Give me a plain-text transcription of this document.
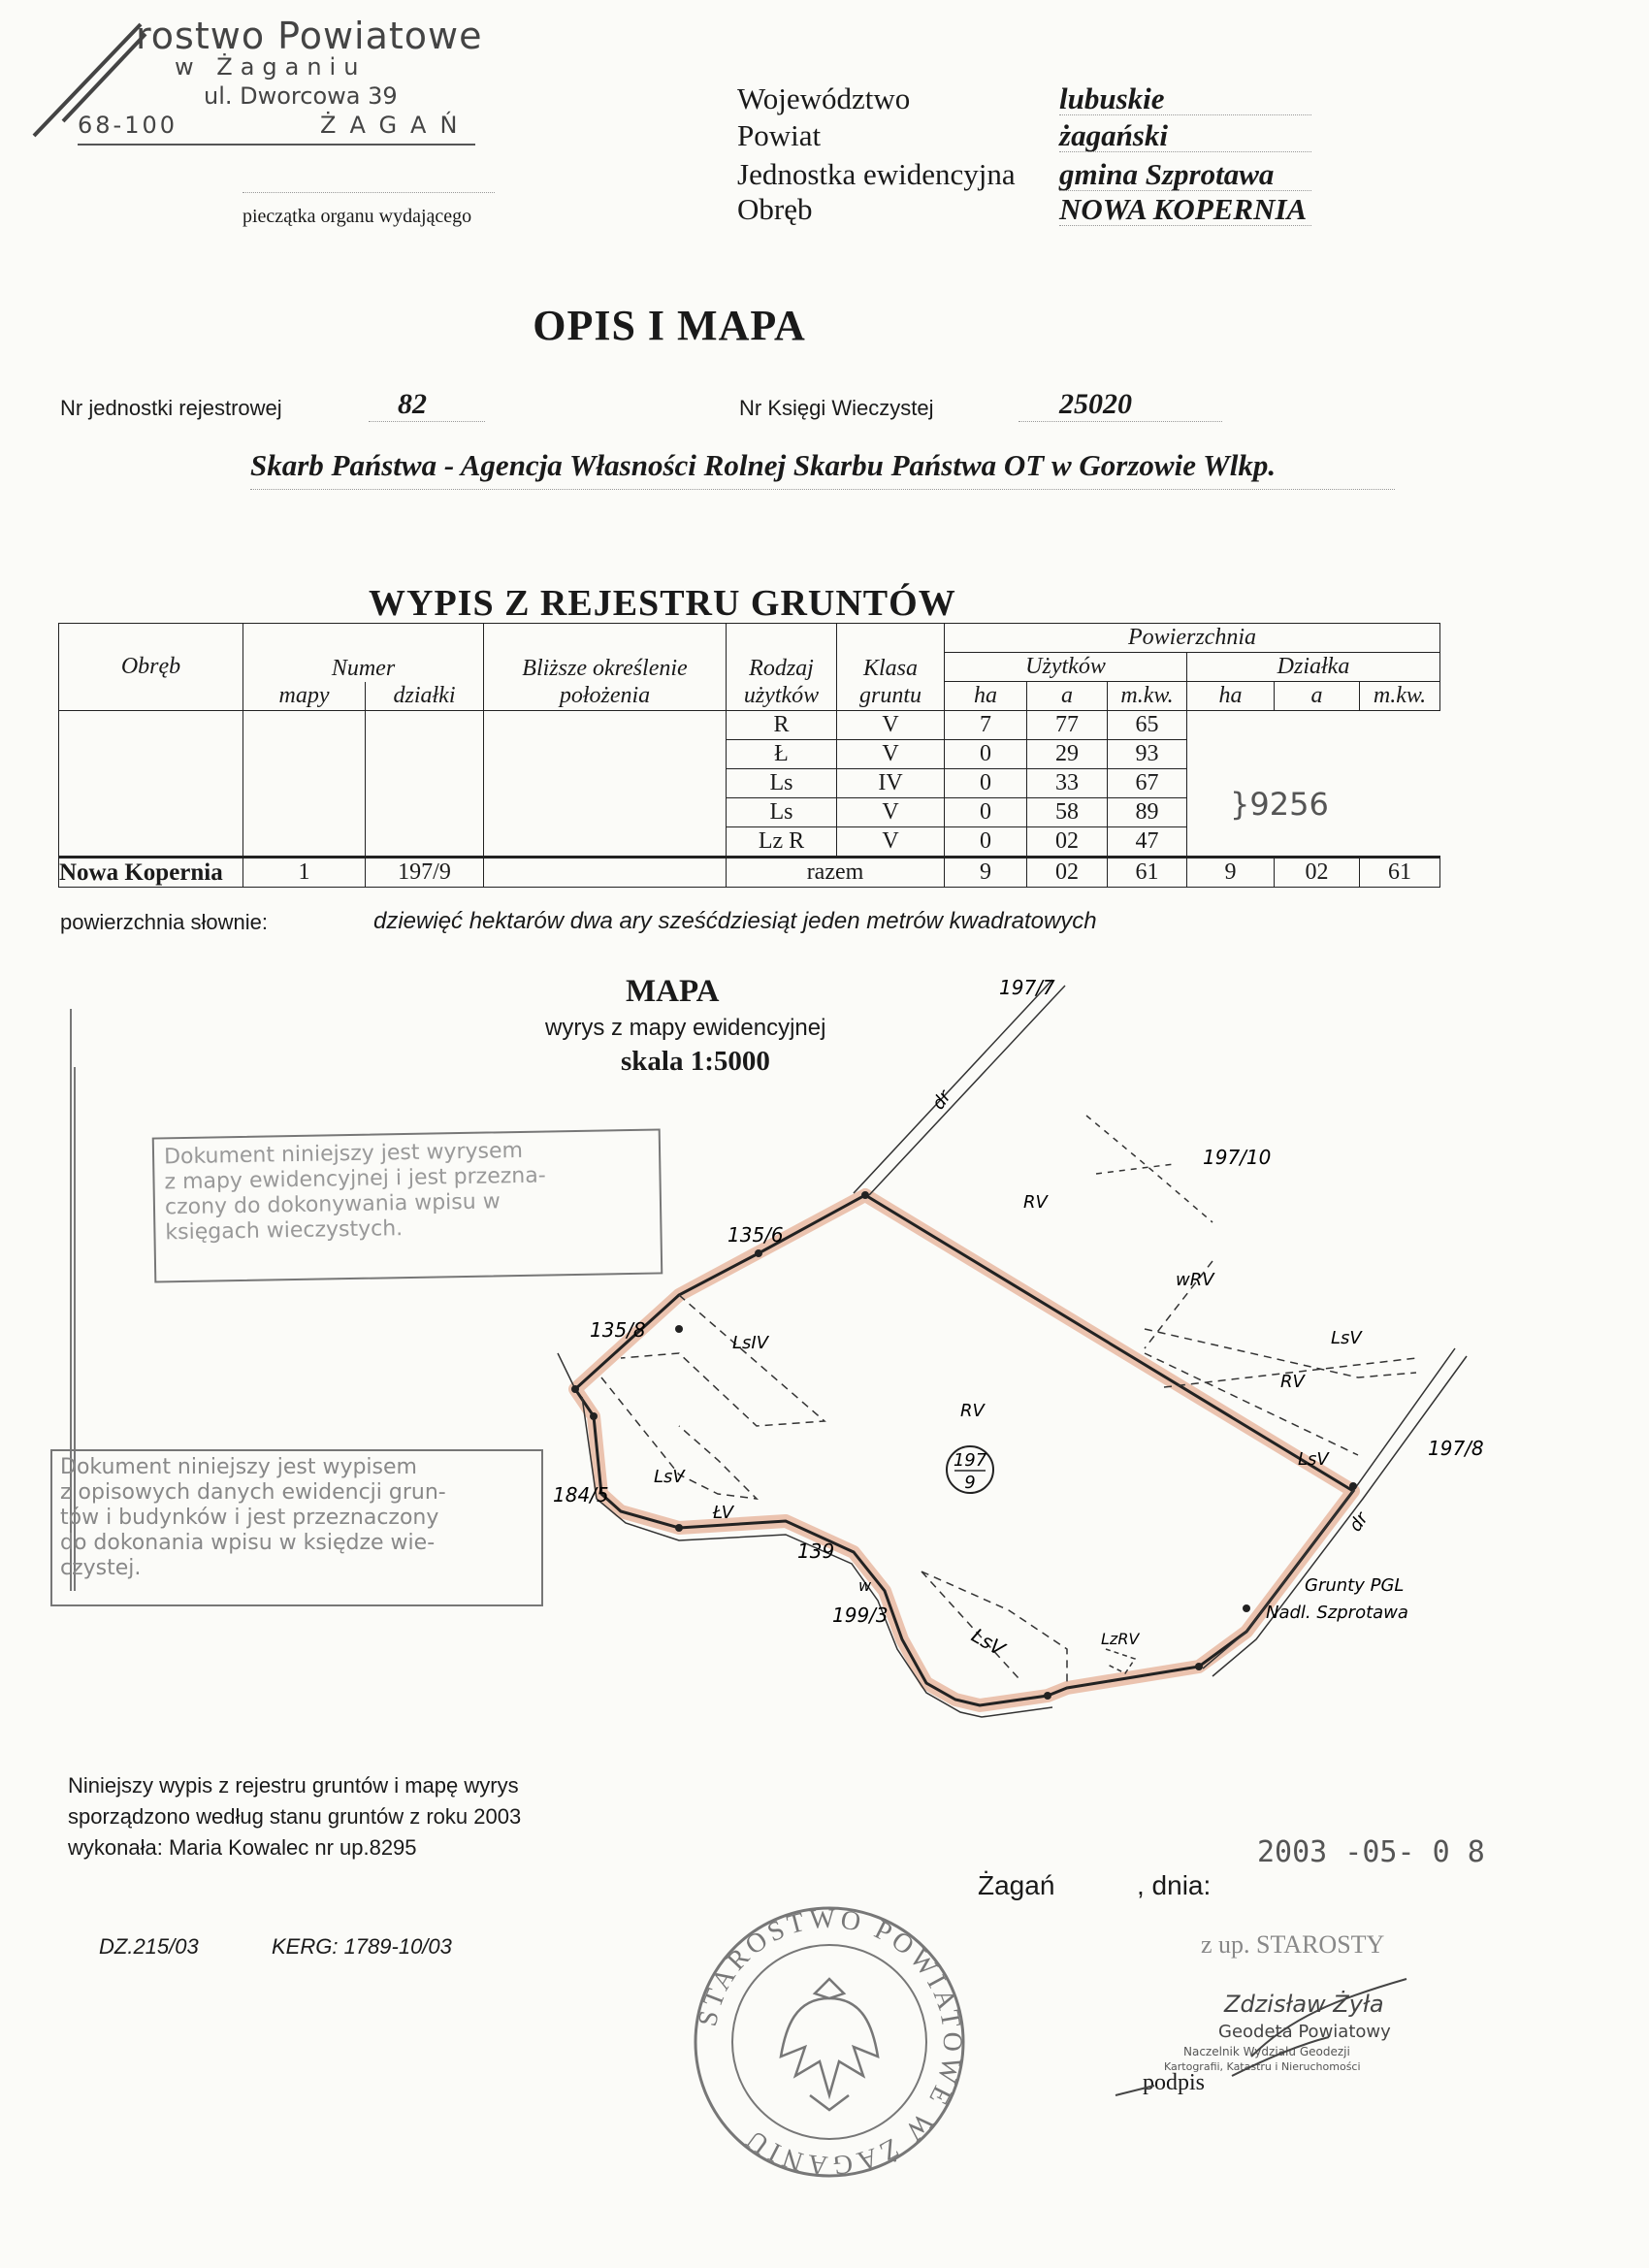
rostwo Powiatowe
w Żaganiu
ul. Dworcowa 39
68-100	ŻAGAŃ
pieczątka organu wydającego
Województwo	lubuskie
Powiat	żagański
Jednostka ewidencyjna gmina Szprotawa
Obręb	NOWA KOPERNIA
OPIS I MAPA
Nr jednostki rejestrowej	82	Nr Księgi Wieczystej	25020
Skarb Państwa - Agencja Własności Rolnej Skarbu Państwa OT w Gorzowie Wlkp.
WYPIS Z REJESTRU GRUNTÓW
Obręb	Numer		Bliższe określenie	Rodzaj	Klasa	Powierzchnia					
						Użytków			Działka		
	mapy	działki	położenia	użytków	gruntu	ha	a	m.kw.	ha	a	m.kw.
				R	V	7	77	65			
				Ł	V	0	29	93			
				Ls	IV	0	33	67			
				Ls	V	0	58	89			
				Lz R	V	0	02	47			
Nowa Kopernia	1	197/9		razem		9	02	61	9	02	61
}9256
powierzchnia słownie:	dziewięć hektarów dwa ary sześćdziesiąt jeden metrów kwadratowych
MAPA
wyrys z mapy ewidencyjnej
skala 1:5000
Dokument niniejszy jest wyrysem
z mapy ewidencyjnej i jest przezna-
czony do dokonywania wpisu w
księgach wieczystych.
Dokument niniejszy jest wypisem
z opisowych danych ewidencji grun-
tów i budynków i jest przeznaczony
do dokonania wpisu w księdze wie-
czystej.
197
9
197/7
197/10
135/6
135/8
184/5
139
199/3
197/8
RV
RV
RV
wRV
LsV
LsV
LsV
LsIV
LsV
ŁV
LzRV
dr
dr
w	Grunty PGL
Nadl. Szprotawa
Niniejszy wypis z rejestru gruntów i mapę wyrys
sporządzono według stanu gruntów z roku 2003
wykonała: Maria Kowalec nr up.8295
DZ.215/03	KERG: 1789-10/03
Żagań	, dnia:
2003 -05- 0 8
z up. STAROSTY
Zdzisław Żyła
Geodeta Powiatowy
Naczelnik Wydziału Geodezji
Kartografii, Katastru i Nieruchomości
podpis
STAROSTWO POWIATOWE W ŻAGANIU
